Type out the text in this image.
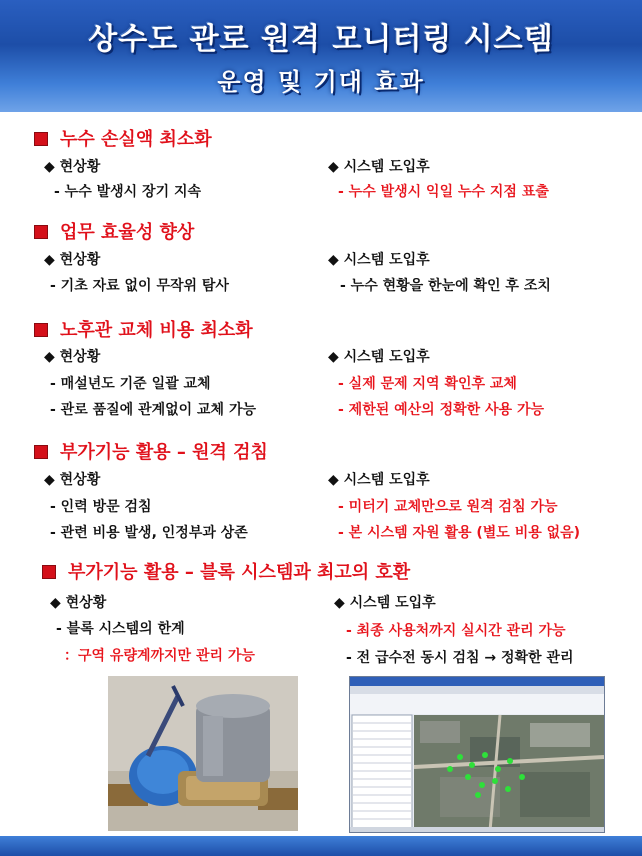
상수도 관로 원격 모니터링 시스템
운영 및 기대 효과
누수 손실액 최소화
◆ 현상황	◆ 시스템 도입후
- 누수 발생시 장기 지속	- 누수 발생시 익일 누수 지점 표출
업무 효율성 향상
◆ 현상황	◆ 시스템 도입후
- 기초 자료 없이 무작위 탐사	- 누수 현황을 한눈에 확인 후 조치
노후관 교체 비용 최소화
◆ 현상황	◆ 시스템 도입후
- 매설년도 기준 일괄 교체	- 실제 문제 지역 확인후 교체
- 관로 품질에 관계없이 교체 가능	- 제한된 예산의 정확한 사용 가능
부가기능 활용 – 원격 검침
◆ 현상황	◆ 시스템 도입후
- 인력 방문 검침	- 미터기 교체만으로 원격 검침 가능
- 관련 비용 발생, 인정부과 상존	- 본 시스템 자원 활용 (별도 비용 없음)
부가기능 활용 – 블록 시스템과 최고의 호환
◆ 현상황	◆ 시스템 도입후
- 블록 시스템의 한계	- 최종 사용처까지 실시간 관리 가능
：구역 유량계까지만 관리 가능	- 전 급수전 동시 검침 → 정확한 관리
